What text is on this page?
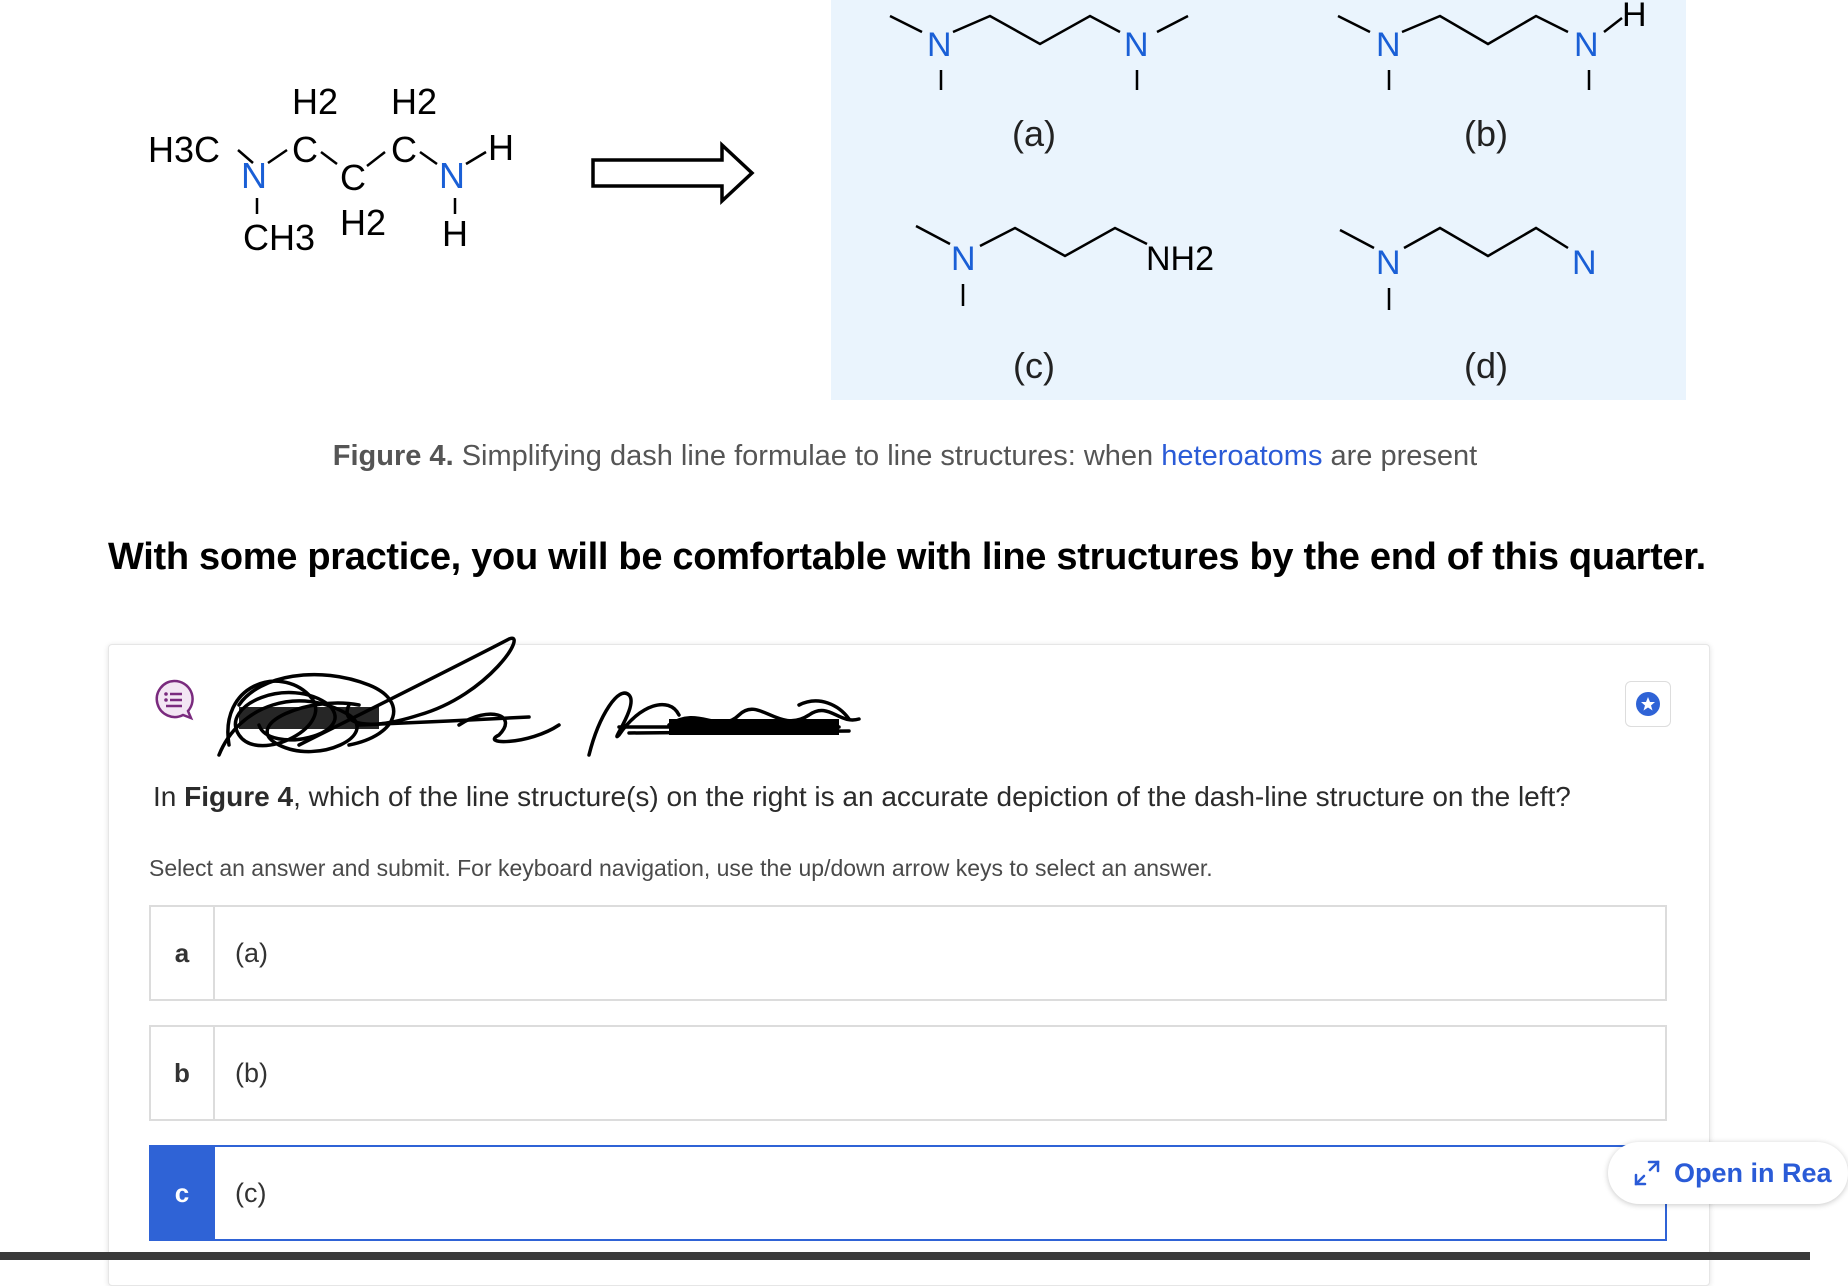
H3C
N
CH3
H2
C
C
H2
H2
C
N
H
H
N	N	N	N
N	NH2	N	N
H
(a)	(b)
(c)	(d)
Figure 4. Simplifying dash line formulae to line structures: when heteroatoms are present
With some practice, you will be comfortable with line structures by the end of this quarter.
In Figure 4, which of the line structure(s) on the right is an accurate depiction of the dash-line structure on the left?
Select an answer and submit. For keyboard navigation, use the up/down arrow keys to select an answer.
a	(a)
b	(b)
c	(c)
Open in Rea
